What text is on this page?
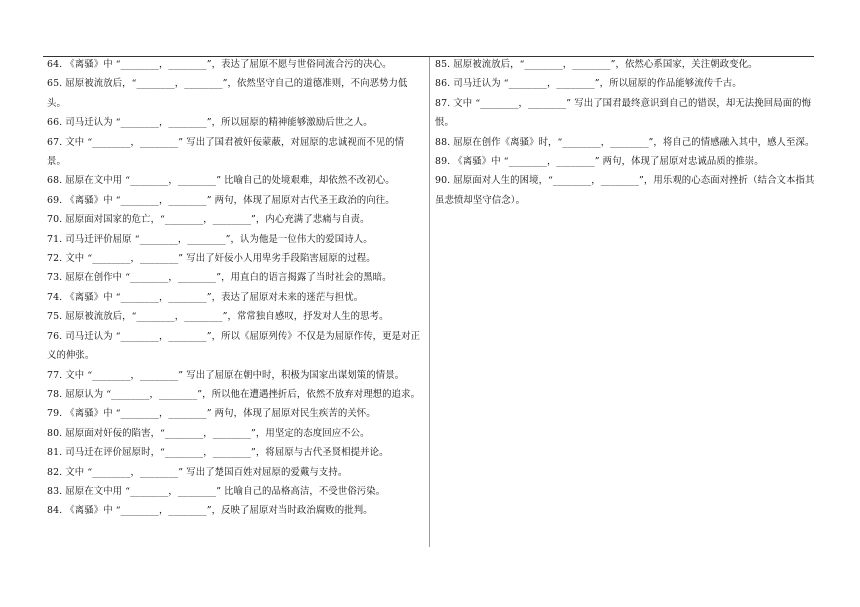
64. 《离骚》中 “________，________”，表达了屈原不愿与世俗同流合污的决心。
65. 屈原被流放后，“________，________”，依然坚守自己的道德准则，不向恶势力低头。
66. 司马迁认为 “________，________”，所以屈原的精神能够激励后世之人。
67. 文中 “________，________” 写出了国君被奸佞蒙蔽，对屈原的忠诚视而不见的情景。
68. 屈原在文中用 “________，________” 比喻自己的处境艰难，却依然不改初心。
69. 《离骚》中 “________，________” 两句，体现了屈原对古代圣王政治的向往。
70. 屈原面对国家的危亡，“________，________”，内心充满了悲痛与自责。
71. 司马迁评价屈原 “________，________”，认为他是一位伟大的爱国诗人。
72. 文中 “________，________” 写出了奸佞小人用卑劣手段陷害屈原的过程。
73. 屈原在创作中 “________，________”，用直白的语言揭露了当时社会的黑暗。
74. 《离骚》中 “________，________”，表达了屈原对未来的迷茫与担忧。
75. 屈原被流放后，“________，________”，常常独自感叹，抒发对人生的思考。
76. 司马迁认为 “________，________”，所以《屈原列传》不仅是为屈原作传，更是对正义的伸张。
77. 文中 “________，________” 写出了屈原在朝中时，积极为国家出谋划策的情景。
78. 屈原认为 “________，________”，所以他在遭遇挫折后，依然不放弃对理想的追求。
79. 《离骚》中 “________，________” 两句，体现了屈原对民生疾苦的关怀。
80. 屈原面对奸佞的陷害，“________，________”，用坚定的态度回应不公。
81. 司马迁在评价屈原时，“________，________”，将屈原与古代圣贤相提并论。
82. 文中 “________，________” 写出了楚国百姓对屈原的爱戴与支持。
83. 屈原在文中用 “________，________” 比喻自己的品格高洁，不受世俗污染。
84. 《离骚》中 “________，________”，反映了屈原对当时政治腐败的批判。
85. 屈原被流放后，“________，________”，依然心系国家，关注朝政变化。
86. 司马迁认为 “________，________”，所以屈原的作品能够流传千古。
87. 文中 “________，________” 写出了国君最终意识到自己的错误，却无法挽回局面的悔恨。
88. 屈原在创作《离骚》时，“________，________”，将自己的情感融入其中，感人至深。
89. 《离骚》中 “________，________” 两句，体现了屈原对忠诚品质的推崇。
90. 屈原面对人生的困境，“________，________”，用乐观的心态面对挫折（结合文本指其虽悲愤却坚守信念）。
